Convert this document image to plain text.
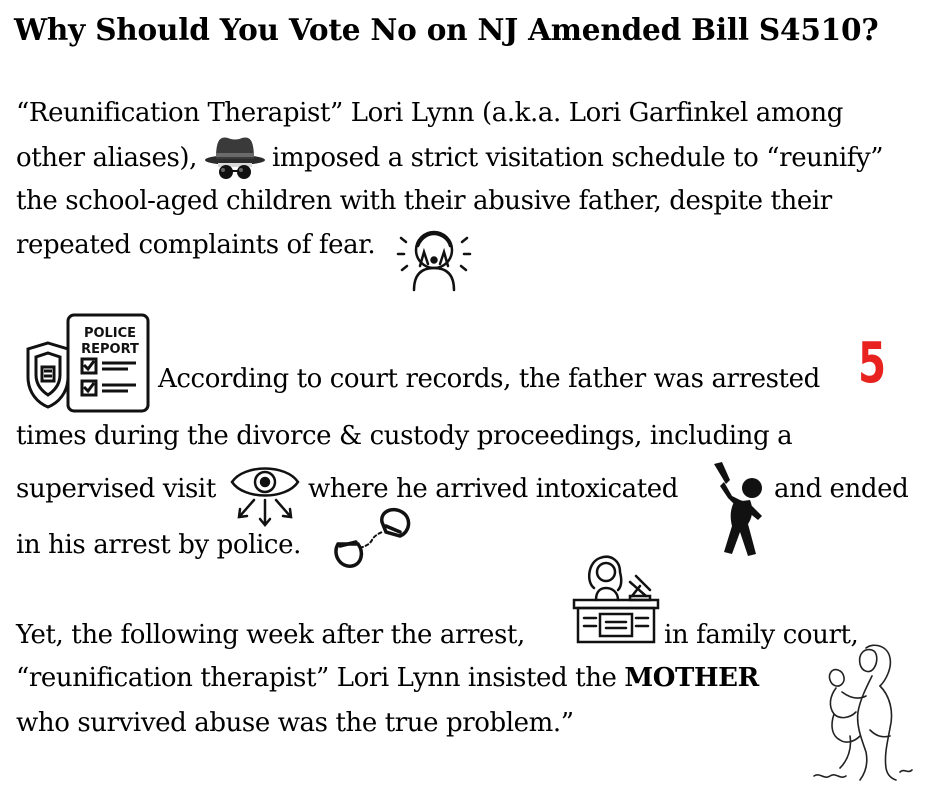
Why Should You Vote No on NJ Amended Bill S4510?
“Reunification Therapist” Lori Lynn (a.k.a. Lori Garfinkel among
other aliases),	imposed a strict visitation schedule to “reunify”
the school-aged children with their abusive father, despite their
repeated complaints of fear.
POLICE
REPORT
According to court records, the father was arrested 5
times during the divorce & custody proceedings, including a
supervised visit	where he arrived intoxicated	and ended
in his arrest by police.
Yet, the following week after the arrest,	in family court,
“reunification therapist” Lori Lynn insisted the MOTHER
who survived abuse was the true problem.”
